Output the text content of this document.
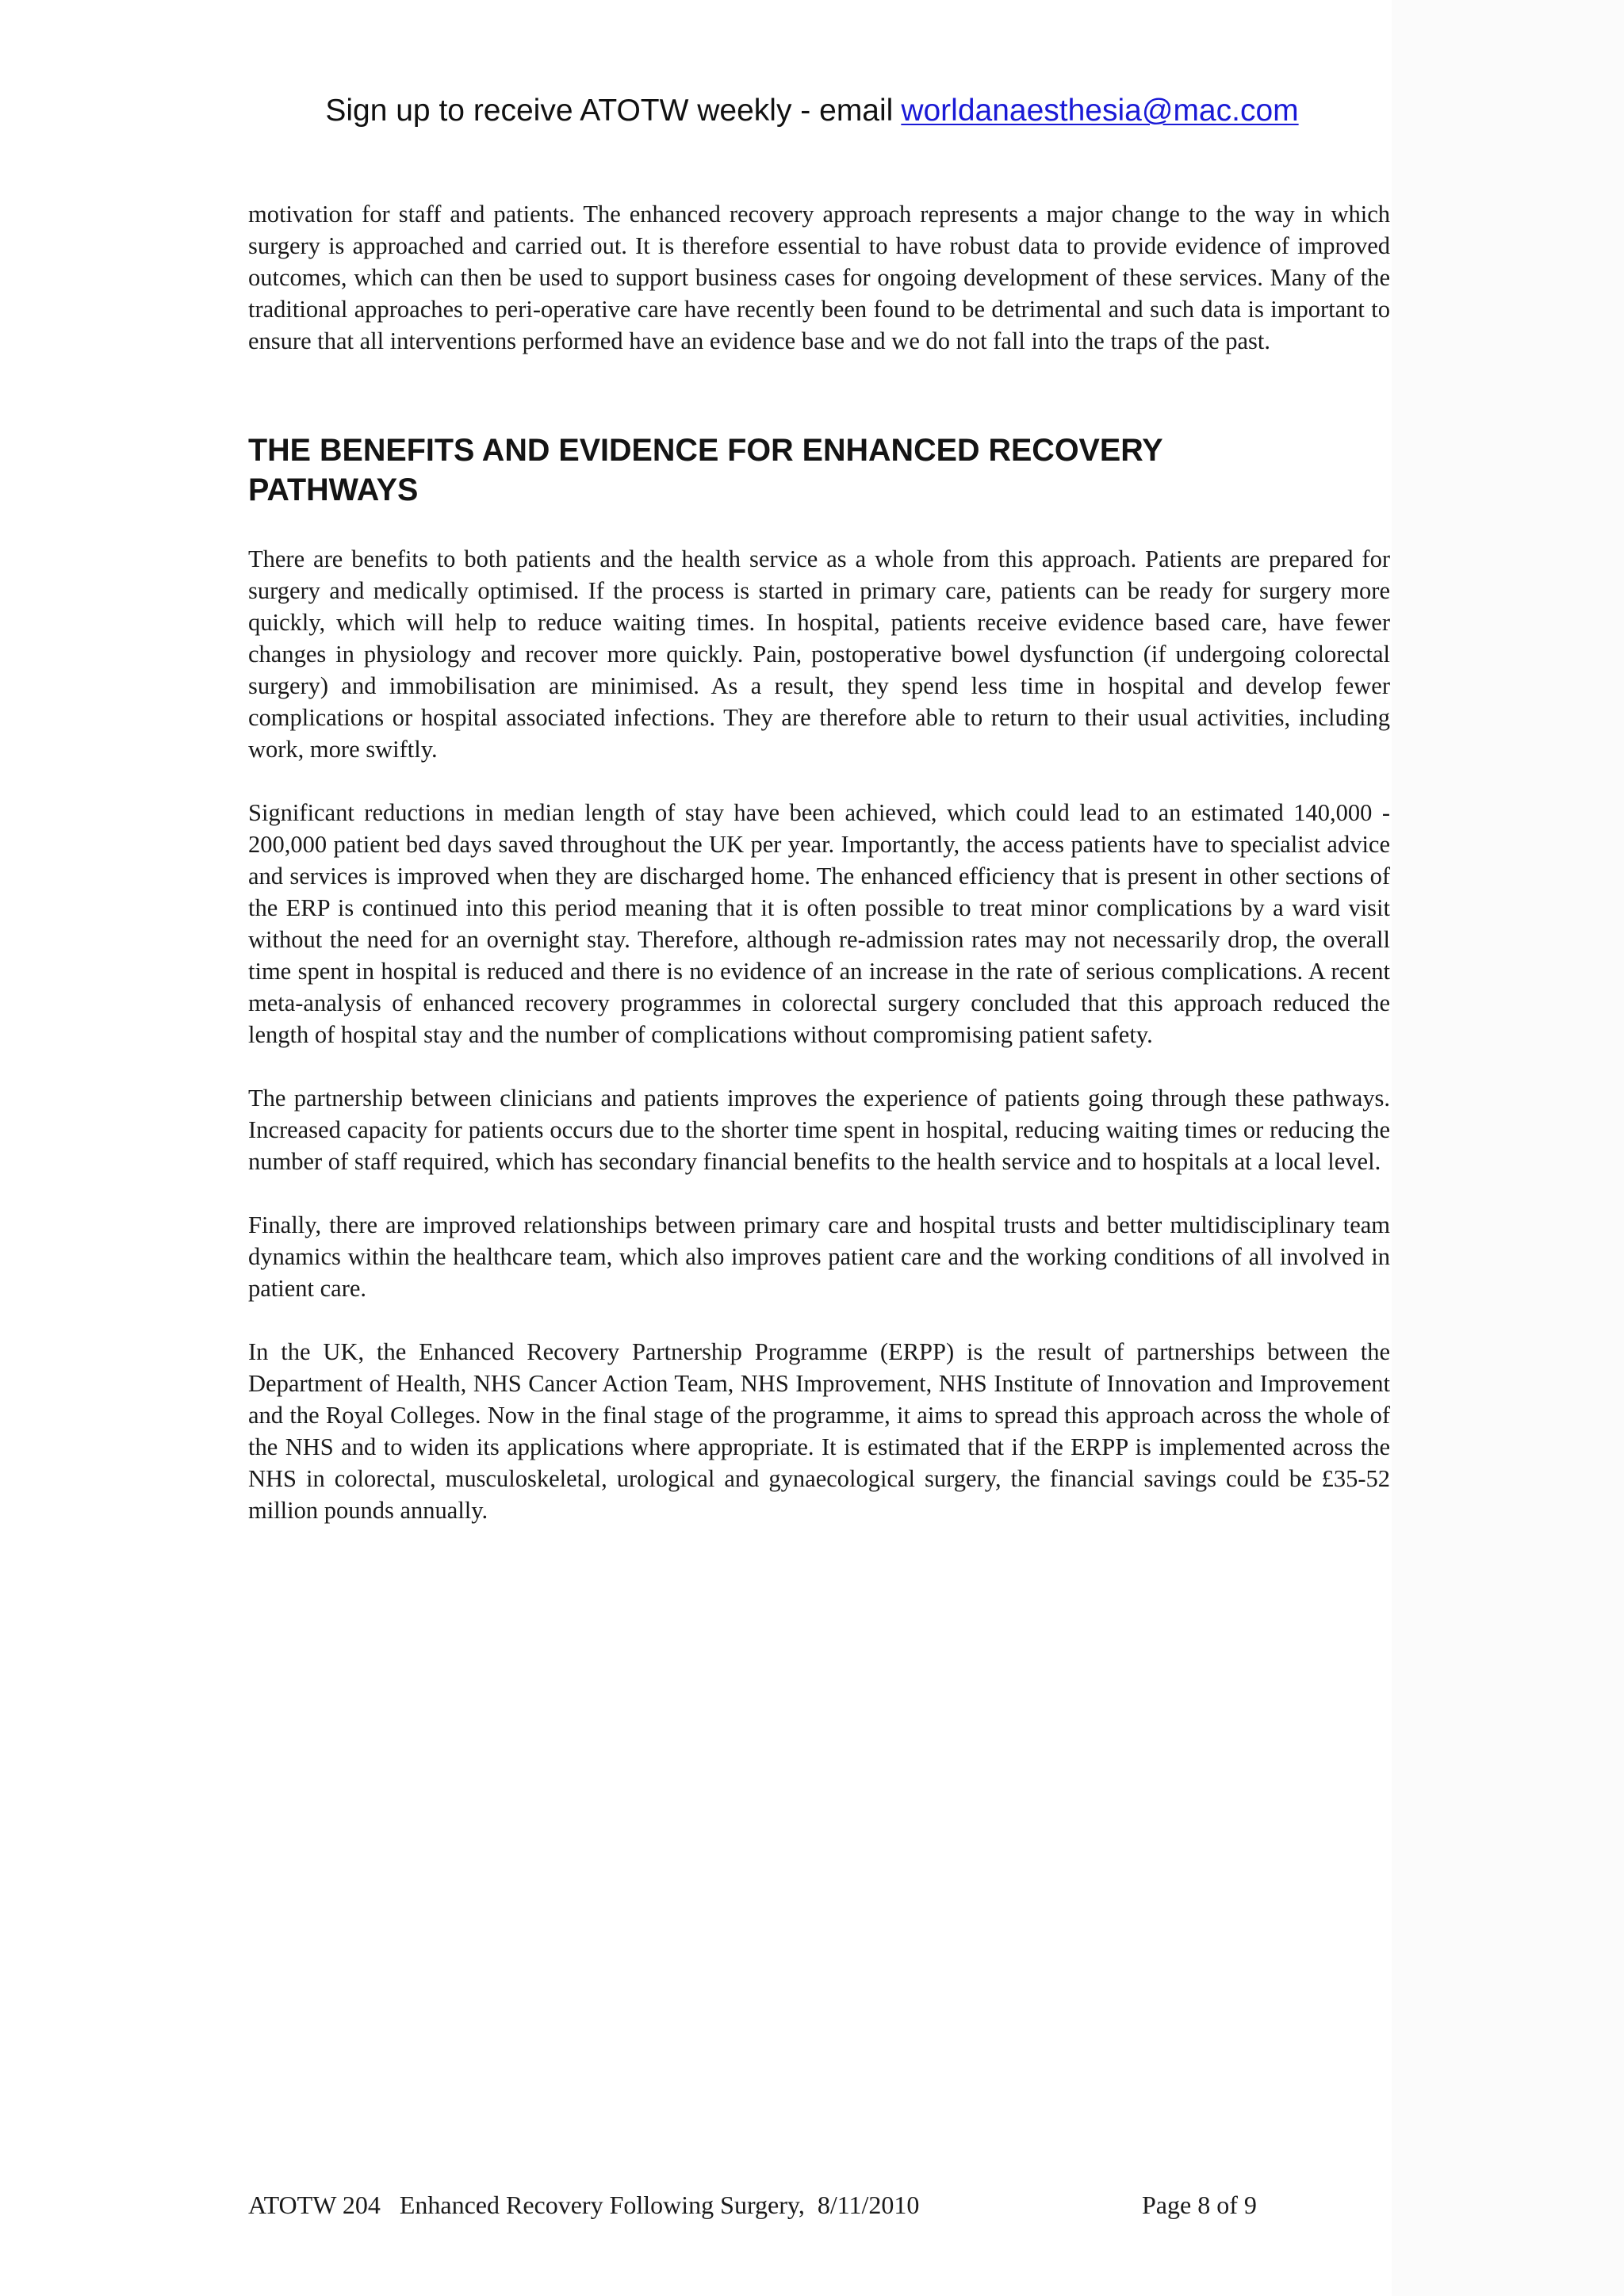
Sign up to receive ATOTW weekly - email worldanaesthesia@mac.com

motivation for staff and patients. The enhanced recovery approach represents a major change to the way in which surgery is approached and carried out. It is therefore essential to have robust data to provide evidence of improved outcomes, which can then be used to support business cases for ongoing development of these services. Many of the traditional approaches to peri-operative care have recently been found to be detrimental and such data is important to ensure that all interventions performed have an evidence base and we do not fall into the traps of the past.

THE BENEFITS AND EVIDENCE FOR ENHANCED RECOVERY PATHWAYS

There are benefits to both patients and the health service as a whole from this approach. Patients are prepared for surgery and medically optimised. If the process is started in primary care, patients can be ready for surgery more quickly, which will help to reduce waiting times. In hospital, patients receive evidence based care, have fewer changes in physiology and recover more quickly. Pain, postoperative bowel dysfunction (if undergoing colorectal surgery) and immobilisation are minimised. As a result, they spend less time in hospital and develop fewer complications or hospital associated infections. They are therefore able to return to their usual activities, including work, more swiftly.

Significant reductions in median length of stay have been achieved, which could lead to an estimated 140,000 - 200,000 patient bed days saved throughout the UK per year. Importantly, the access patients have to specialist advice and services is improved when they are discharged home. The enhanced efficiency that is present in other sections of the ERP is continued into this period meaning that it is often possible to treat minor complications by a ward visit without the need for an overnight stay. Therefore, although re-admission rates may not necessarily drop, the overall time spent in hospital is reduced and there is no evidence of an increase in the rate of serious complications. A recent meta-analysis of enhanced recovery programmes in colorectal surgery concluded that this approach reduced the length of hospital stay and the number of complications without compromising patient safety.

The partnership between clinicians and patients improves the experience of patients going through these pathways. Increased capacity for patients occurs due to the shorter time spent in hospital, reducing waiting times or reducing the number of staff required, which has secondary financial benefits to the health service and to hospitals at a local level.

Finally, there are improved relationships between primary care and hospital trusts and better multidisciplinary team dynamics within the healthcare team, which also improves patient care and the working conditions of all involved in patient care.

In the UK, the Enhanced Recovery Partnership Programme (ERPP) is the result of partnerships between the Department of Health, NHS Cancer Action Team, NHS Improvement, NHS Institute of Innovation and Improvement and the Royal Colleges. Now in the final stage of the programme, it aims to spread this approach across the whole of the NHS and to widen its applications where appropriate. It is estimated that if the ERPP is implemented across the NHS in colorectal, musculoskeletal, urological and gynaecological surgery, the financial savings could be £35-52 million pounds annually.

ATOTW 204   Enhanced Recovery Following Surgery,  8/11/2010	Page 8 of 9
